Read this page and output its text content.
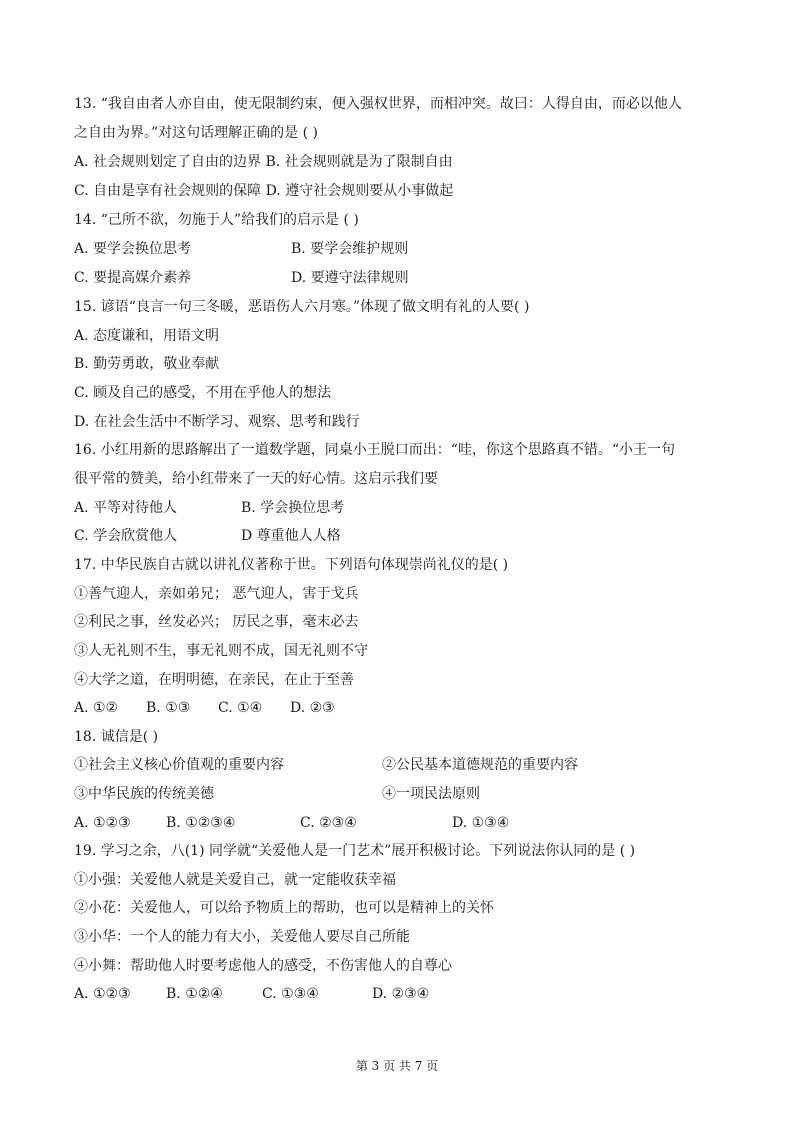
13. “我自由者人亦自由，使无限制约束，便入强权世界，而相冲突。故曰：人得自由，而必以他人
之自由为界。”对这句话理解正确的是 ( )
A. 社会规则划定了自由的边界 B. 社会规则就是为了限制自由
C. 自由是享有社会规则的保障 D. 遵守社会规则要从小事做起
14. “己所不欲，勿施于人”给我们的启示是 ( )
A. 要学会换位思考	B. 要学会维护规则
C. 要提高媒介素养	D. 要遵守法律规则
15. 谚语“良言一句三冬暖，恶语伤人六月寒。”体现了做文明有礼的人要( )
A. 态度谦和，用语文明
B. 勤劳勇敢，敬业奉献
C. 顾及自己的感受，不用在乎他人的想法
D. 在社会生活中不断学习、观察、思考和践行
16. 小红用新的思路解出了一道数学题，同桌小王脱口而出：“哇，你这个思路真不错。“小王一句
很平常的赞美，给小红带来了一天的好心情。这启示我们要
A. 平等对待他人	B. 学会换位思考
C. 学会欣赏他人	D 尊重他人人格
17. 中华民族自古就以讲礼仪著称于世。下列语句体现崇尚礼仪的是( )
①善气迎人，亲如弟兄； 恶气迎人，害于戈兵
②利民之事，丝发必兴； 厉民之事，毫末必去
③人无礼则不生，事无礼则不成，国无礼则不守
④大学之道，在明明德，在亲民，在止于至善
A. ①② B. ①③ C. ①④ D. ②③
18. 诚信是( )
①社会主义核心价值观的重要内容	②公民基本道德规范的重要内容
③中华民族的传统美德	④一项民法原则
A. ①②③	B. ①②③④	C. ②③④	D. ①③④
19. 学习之余，八(1) 同学就“关爱他人是一门艺术”展开积极讨论。下列说法你认同的是 ( )
①小强：关爱他人就是关爱自己，就一定能收获幸福
②小花：关爱他人，可以给予物质上的帮助，也可以是精神上的关怀
③小华：一个人的能力有大小，关爱他人要尽自己所能
④小舞：帮助他人时要考虑他人的感受，不伤害他人的自尊心
A. ①②③	B. ①②④	C. ①③④	D. ②③④
第 3 页 共 7 页
